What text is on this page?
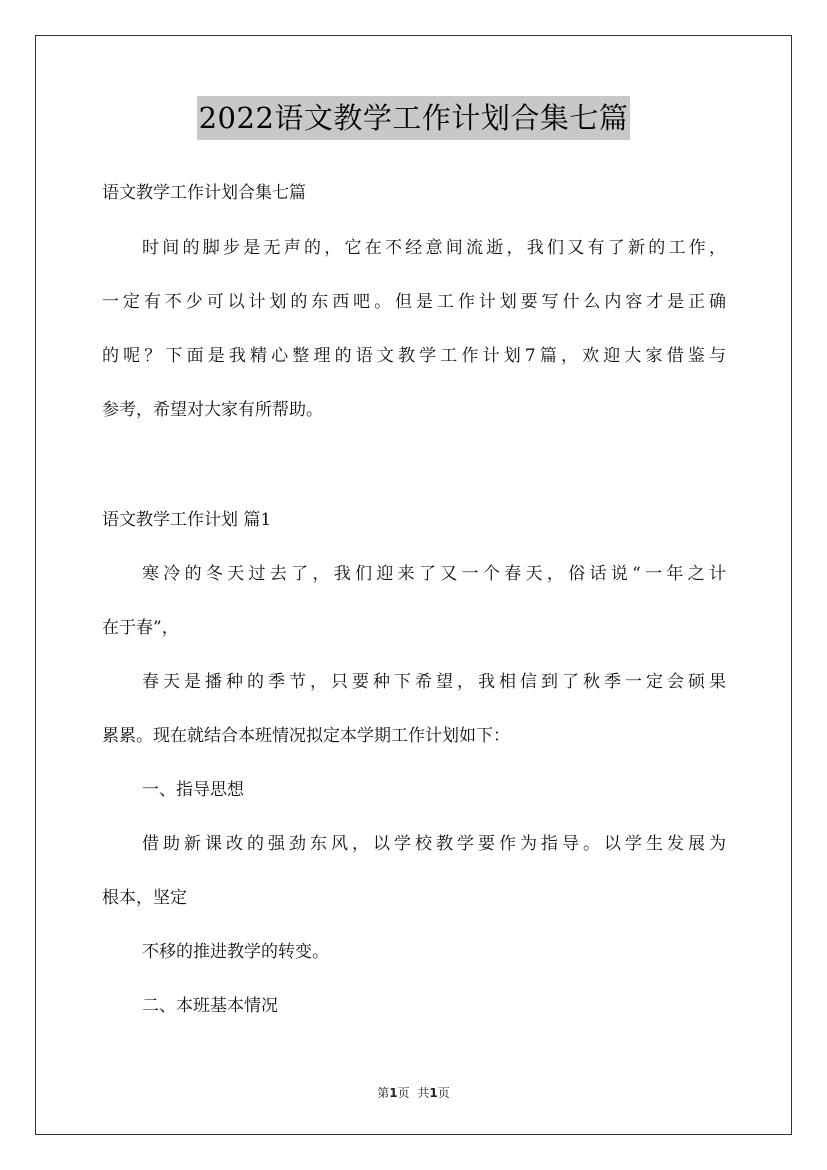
2022语文教学工作计划合集七篇
语文教学工作计划合集七篇
时间的脚步是无声的，它在不经意间流逝，我们又有了新的工作，
一定有不少可以计划的东西吧。但是工作计划要写什么内容才是正确
的呢？下面是我精心整理的语文教学工作计划7篇，欢迎大家借鉴与
参考，希望对大家有所帮助。
语文教学工作计划 篇1
寒冷的冬天过去了，我们迎来了又一个春天，俗话说“一年之计
在于春”，
春天是播种的季节，只要种下希望，我相信到了秋季一定会硕果
累累。现在就结合本班情况拟定本学期工作计划如下：
一、指导思想
借助新课改的强劲东风，以学校教学要作为指导。以学生发展为
根本，坚定
不移的推进教学的转变。
二、本班基本情况
第1页 共1页
